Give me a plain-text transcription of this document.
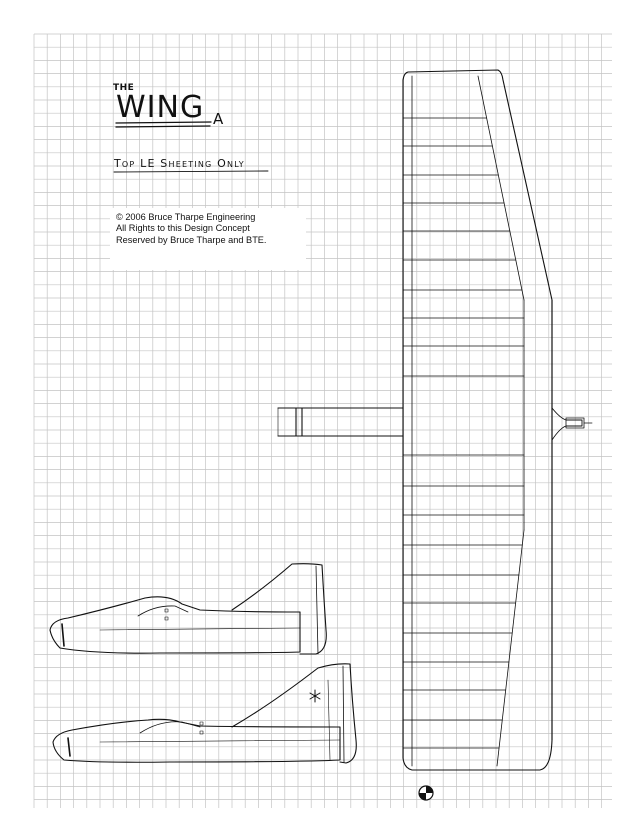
THE
WING A
Top LE Sheeting Only
© 2006 Bruce Tharpe Engineering
All Rights to this Design Concept
Reserved by Bruce Tharpe and BTE.
